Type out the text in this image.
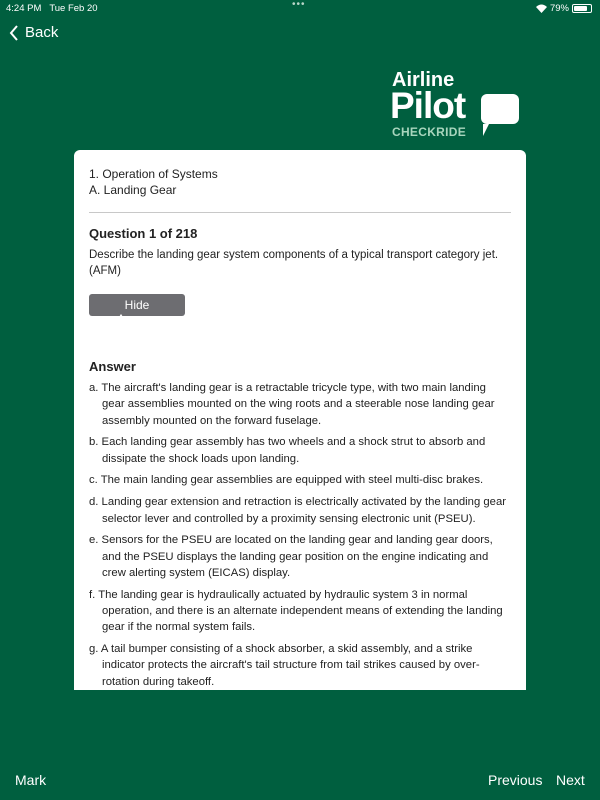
4:24 PM Tue Feb 20	•••	79%
Back
Airline
Pilot
CHECKRIDE
1. Operation of Systems
A. Landing Gear
Question 1 of 218
Describe the landing gear system components of a typical transport category jet. (AFM)
Hide Answer
Answer
a. The aircraft's landing gear is a retractable tricycle type, with two main landing gear assemblies mounted on the wing roots and a steerable nose landing gear assembly mounted on the forward fuselage.
b. Each landing gear assembly has two wheels and a shock strut to absorb and dissipate the shock loads upon landing.
c. The main landing gear assemblies are equipped with steel multi-disc brakes.
d. Landing gear extension and retraction is electrically activated by the landing gear selector lever and controlled by a proximity sensing electronic unit (PSEU).
e. Sensors for the PSEU are located on the landing gear and landing gear doors, and the PSEU displays the landing gear position on the engine indicating and crew alerting system (EICAS) display.
f. The landing gear is hydraulically actuated by hydraulic system 3 in normal operation, and there is an alternate independent means of extending the landing gear if the normal system fails.
g. A tail bumper consisting of a shock absorber, a skid assembly, and a strike indicator protects the aircraft's tail structure from tail strikes caused by over-rotation during takeoff.
Mark	Previous Next
